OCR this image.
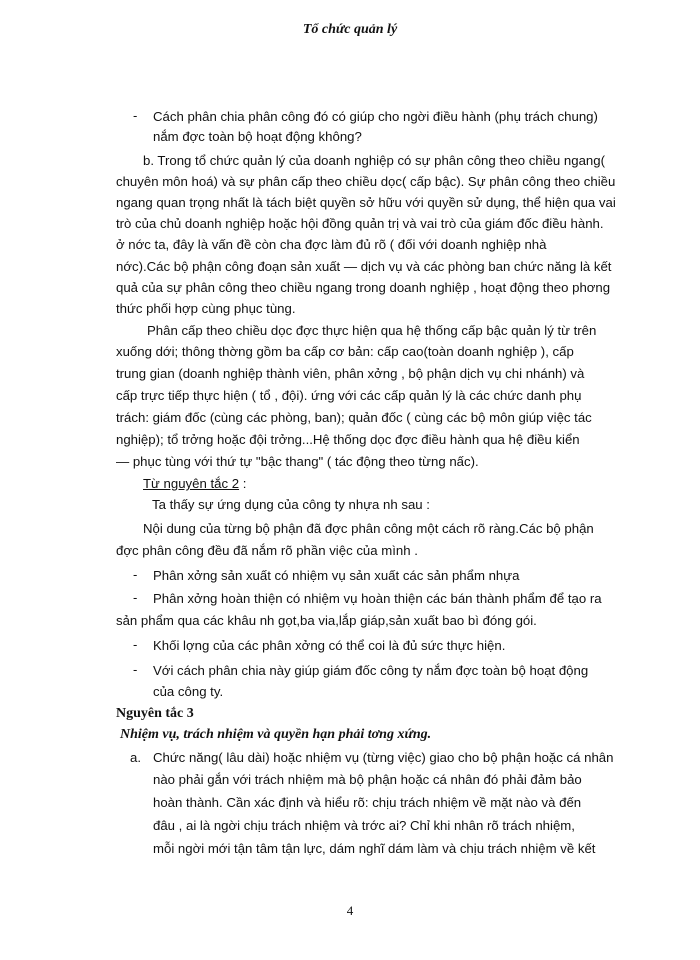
Tổ chức quản lý
- Cách phân chia phân công đó có giúp cho ngời điều hành (phụ trách chung)
nắm đợc toàn bộ hoạt động không?
b. Trong tổ chức quản lý của doanh nghiệp có sự phân công theo chiều ngang(
chuyên môn hoá) và sự phân cấp theo chiều dọc( cấp bậc). Sự phân công theo chiều
ngang quan trọng nhất là tách biệt quyền sở hữu với quyền sử dụng, thể hiện qua vai
trò của chủ doanh nghiệp hoặc hội đồng quản trị và vai trò của giám đốc điều hành.
ở nớc ta, đây là vấn đề còn cha đợc làm đủ rõ ( đối với doanh nghiệp nhà
nớc).Các bộ phận công đoạn sản xuất — dịch vụ và các phòng ban chức năng là kết
quả của sự phân công theo chiều ngang trong doanh nghiệp , hoạt động theo phơng
thức phối hợp cùng phục tùng.
Phân cấp theo chiều dọc đợc thực hiện qua hệ thống cấp bậc quản lý từ trên
xuống dới; thông thờng gồm ba cấp cơ bản: cấp cao(toàn doanh nghiệp ), cấp
trung gian (doanh nghiệp thành viên, phân xởng , bộ phận dịch vụ chi nhánh) và
cấp trực tiếp thực hiện ( tổ , đội). ứng với các cấp quản lý là các chức danh phụ
trách: giám đốc (cùng các phòng, ban); quản đốc ( cùng các bộ môn giúp việc tác
nghiệp); tổ trởng hoặc đội trởng...Hệ thống dọc đợc điều hành qua hệ điều kiển
— phục tùng với thứ tự "bậc thang" ( tác động theo từng nấc).
Từ nguyên tắc 2 :
Ta thấy sự ứng dụng của công ty nhựa nh sau :
Nội dung của từng bộ phận đã đợc phân công một cách rõ ràng.Các bộ phận
đợc phân công đều đã nắm rõ phần việc của mình .
- Phân xởng sản xuất có nhiệm vụ sản xuất các sản phẩm nhựa
- Phân xởng hoàn thiện có nhiệm vụ hoàn thiện các bán thành phẩm để tạo ra
sản phẩm qua các khâu nh gọt,ba via,lắp giáp,sản xuất bao bì đóng gói.
- Khối lợng của các phân xởng có thể coi là đủ sức thực hiện.
- Với cách phân chia này giúp giám đốc công ty nắm đợc toàn bộ hoạt động
của công ty.
Nguyên tắc 3
Nhiệm vụ, trách nhiệm và quyền hạn phải tơng xứng.
a. Chức năng( lâu dài) hoặc nhiệm vụ (từng việc) giao cho bộ phận hoặc cá nhân
nào phải gắn với trách nhiệm mà bộ phận hoặc cá nhân đó phải đảm bảo
hoàn thành. Cần xác định và hiểu rõ: chịu trách nhiệm về mặt nào và đến
đâu , ai là ngời chịu trách nhiệm và trớc ai? Chỉ khi nhân rõ trách nhiệm,
mỗi ngời mới tận tâm tận lực, dám nghĩ dám làm và chịu trách nhiệm về kết
4
